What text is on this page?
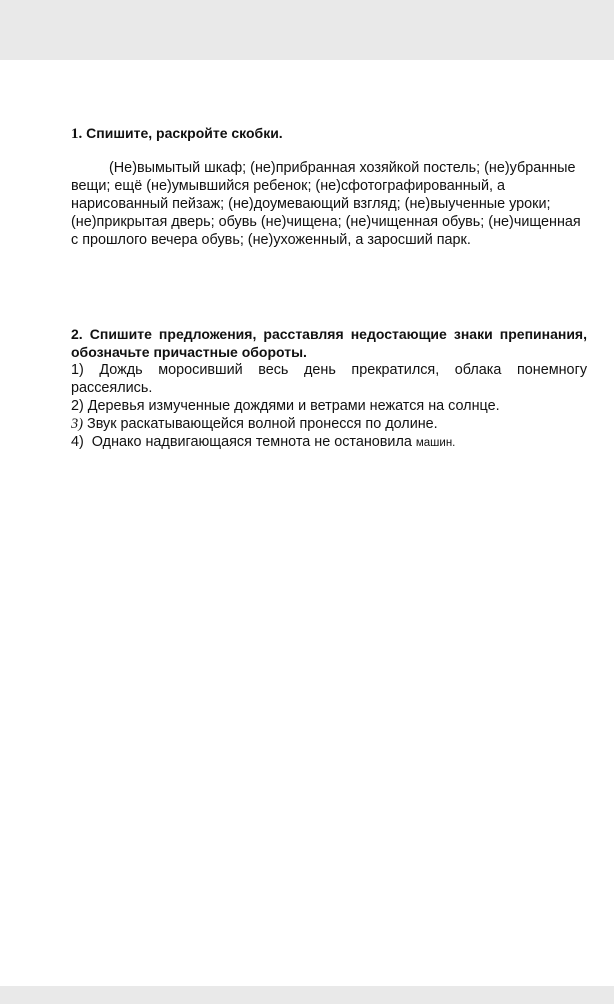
1. Спишите, раскройте скобки.
(Не)вымытый шкаф; (не)прибранная хозяйкой постель; (не)убранные вещи; ещё (не)умывшийся ребенок; (не)сфотографированный, а нарисованный пейзаж; (не)доумевающий взгляд; (не)выученные уроки; (не)прикрытая дверь; обувь (не)чищена; (не)чищенная обувь; (не)чищенная с прошлого вечера обувь; (не)ухоженный, а заросший парк.
2. Спишите предложения, расставляя недостающие знаки препинания, обозначьте причастные обороты.
1) Дождь моросивший весь день прекратился, облака понемногу рассеялись.
2) Деревья измученные дождями и ветрами нежатся на солнце.
3) Звук раскатывающейся волной пронесся по долине.
4) Однако надвигающаяся темнота не остановила машин.
